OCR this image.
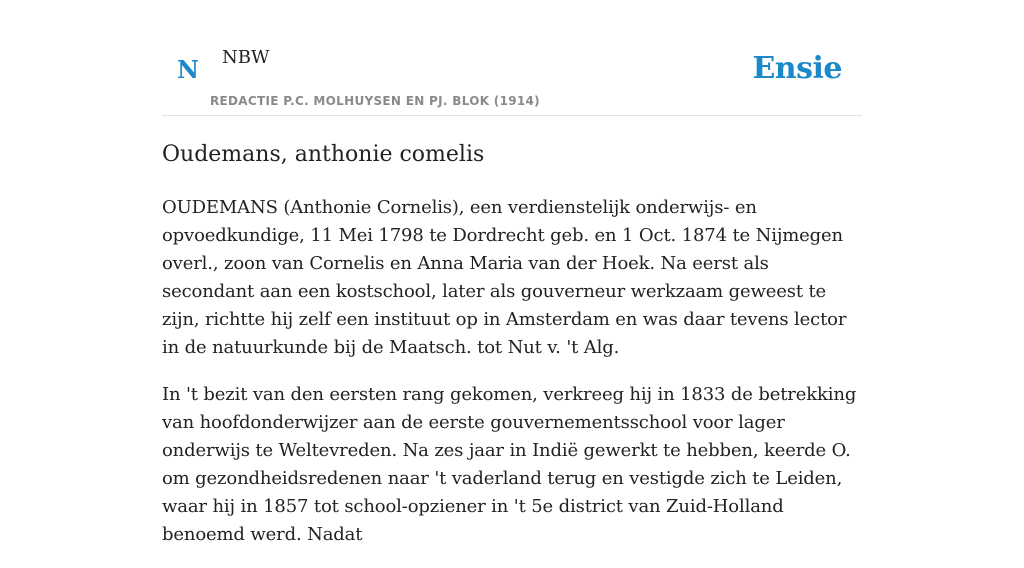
N NBW
REDACTIE P.C. MOLHUYSEN EN PJ. BLOK (1914)
Ensie
Oudemans, anthonie comelis

OUDEMANS (Anthonie Cornelis), een verdienstelijk onderwijs- en opvoedkundige, 11 Mei 1798 te Dordrecht geb. en 1 Oct. 1874 te Nijmegen overl., zoon van Cornelis en Anna Maria van der Hoek. Na eerst als secondant aan een kostschool, later als gouverneur werkzaam geweest te zijn, richtte hij zelf een instituut op in Amsterdam en was daar tevens lector in de natuurkunde bij de Maatsch. tot Nut v. 't Alg.

In 't bezit van den eersten rang gekomen, verkreeg hij in 1833 de betrekking van hoofdonderwijzer aan de eerste gouvernementsschool voor lager onderwijs te Weltevreden. Na zes jaar in Indië gewerkt te hebben, keerde O. om gezondheidsredenen naar 't vaderland terug en vestigde zich te Leiden, waar hij in 1857 tot school-opziener in 't 5e district van Zuid-Holland benoemd werd. Nadat
